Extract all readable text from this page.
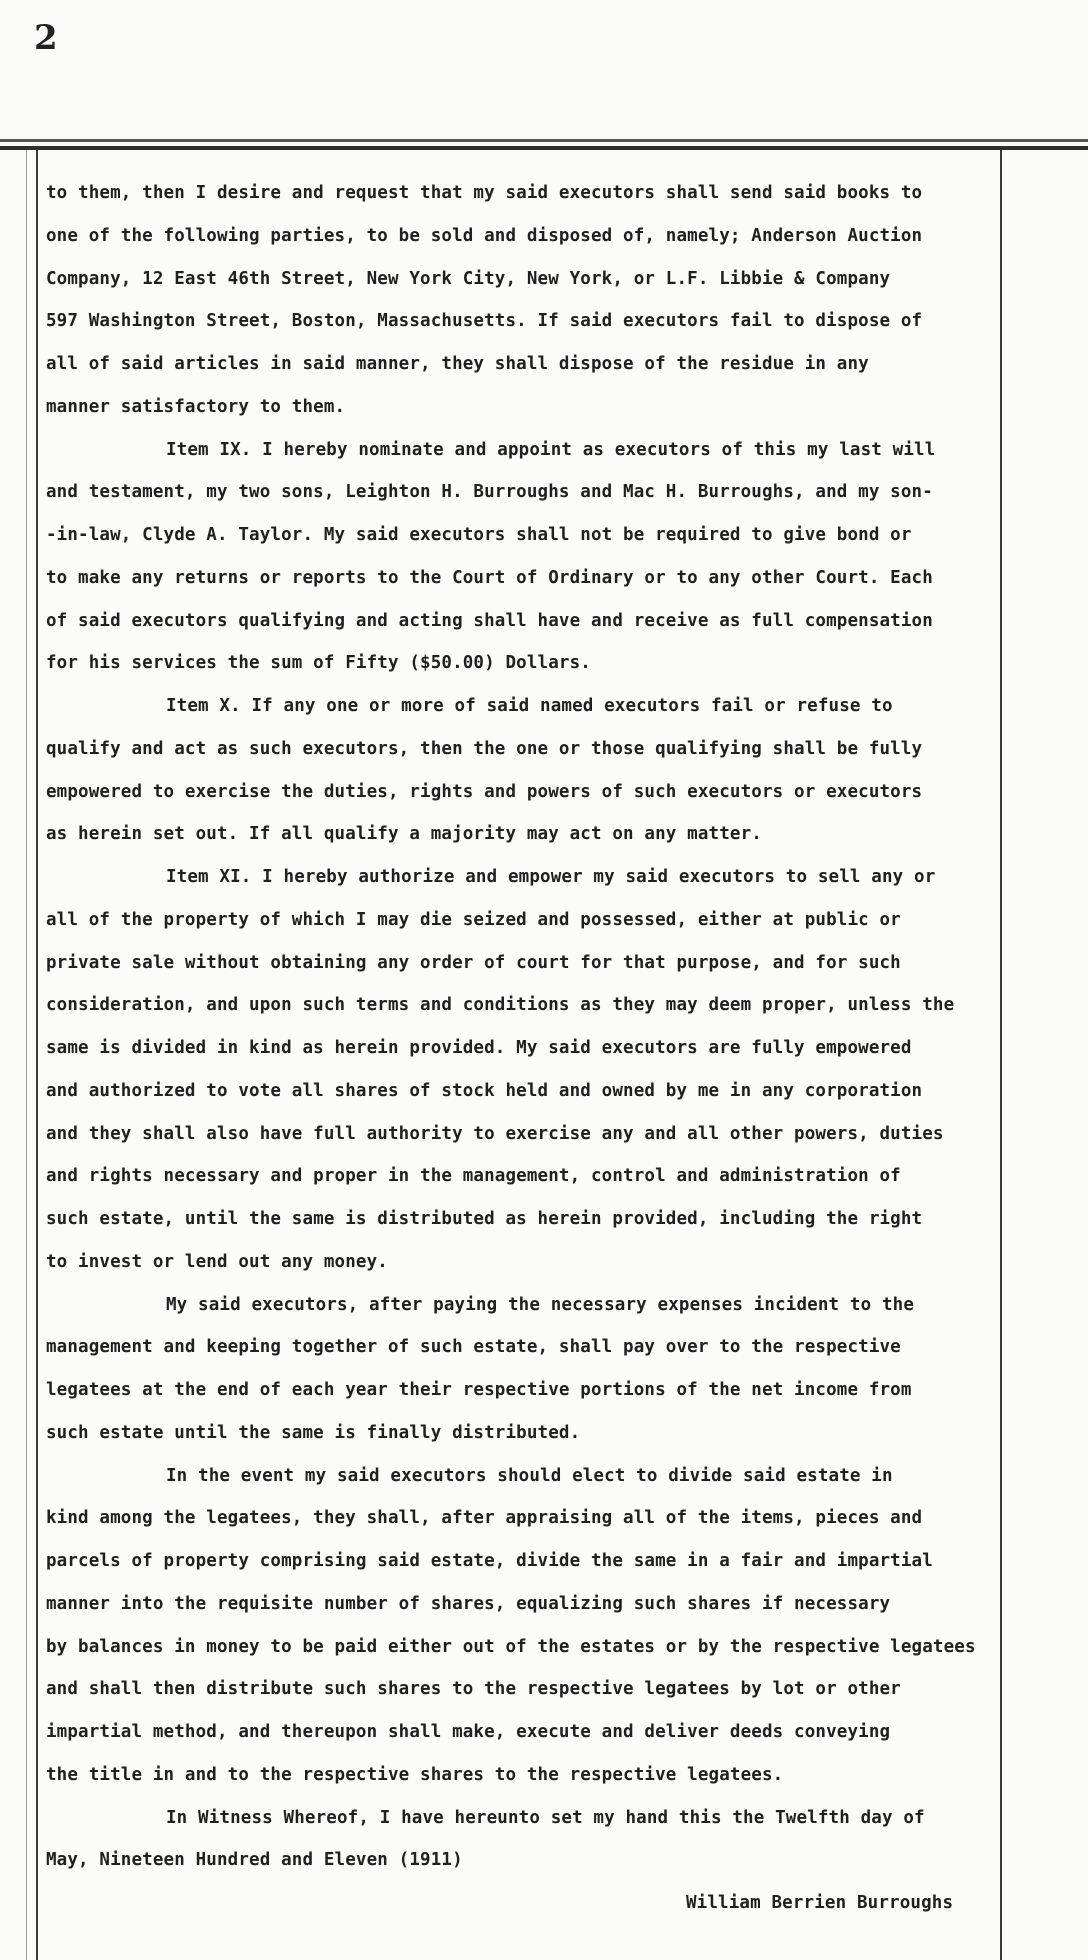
2
to them, then I desire and request that my said executors shall send said books to
one of the following parties, to be sold and disposed of, namely; Anderson Auction
Company, 12 East 46th Street, New York City, New York, or L.F. Libbie & Company
597 Washington Street, Boston, Massachusetts. If said executors fail to dispose of
all of said articles in said manner, they shall dispose of the residue in any
manner satisfactory to them.
Item IX. I hereby nominate and appoint as executors of this my last will
and testament, my two sons, Leighton H. Burroughs and Mac H. Burroughs, and my son-
-in-law, Clyde A. Taylor. My said executors shall not be required to give bond or
to make any returns or reports to the Court of Ordinary or to any other Court. Each
of said executors qualifying and acting shall have and receive as full compensation
for his services the sum of Fifty ($50.00) Dollars.
Item X. If any one or more of said named executors fail or refuse to
qualify and act as such executors, then the one or those qualifying shall be fully
empowered to exercise the duties, rights and powers of such executors or executors
as herein set out. If all qualify a majority may act on any matter.
Item XI. I hereby authorize and empower my said executors to sell any or
all of the property of which I may die seized and possessed, either at public or
private sale without obtaining any order of court for that purpose, and for such
consideration, and upon such terms and conditions as they may deem proper, unless the
same is divided in kind as herein provided. My said executors are fully empowered
and authorized to vote all shares of stock held and owned by me in any corporation
and they shall also have full authority to exercise any and all other powers, duties
and rights necessary and proper in the management, control and administration of
such estate, until the same is distributed as herein provided, including the right
to invest or lend out any money.
My said executors, after paying the necessary expenses incident to the
management and keeping together of such estate, shall pay over to the respective
legatees at the end of each year their respective portions of the net income from
such estate until the same is finally distributed.
In the event my said executors should elect to divide said estate in
kind among the legatees, they shall, after appraising all of the items, pieces and
parcels of property comprising said estate, divide the same in a fair and impartial
manner into the requisite number of shares, equalizing such shares if necessary
by balances in money to be paid either out of the estates or by the respective legatees
and shall then distribute such shares to the respective legatees by lot or other
impartial method, and thereupon shall make, execute and deliver deeds conveying
the title in and to the respective shares to the respective legatees.
In Witness Whereof, I have hereunto set my hand this the Twelfth day of
May, Nineteen Hundred and Eleven (1911)
William Berrien Burroughs
